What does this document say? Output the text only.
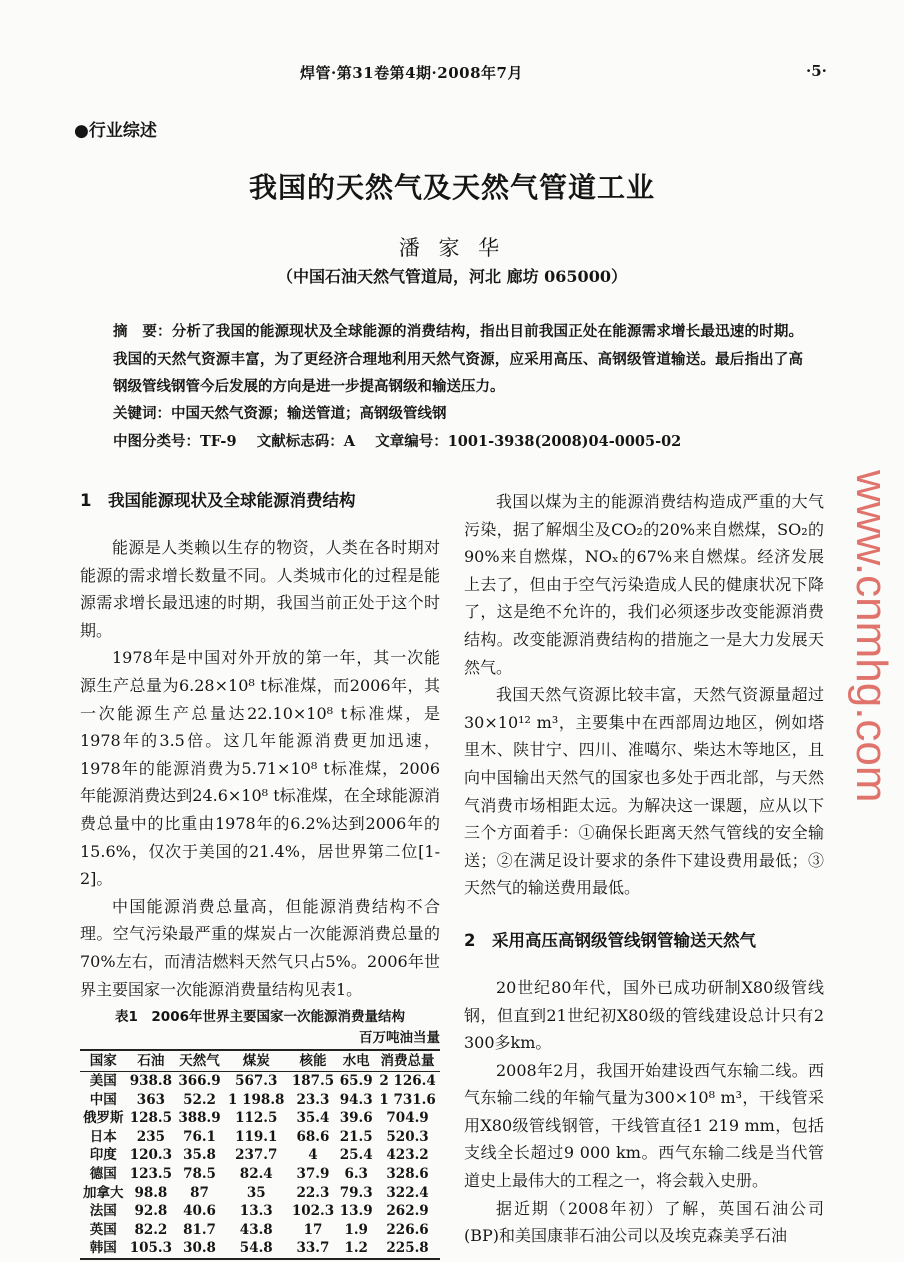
焊管·第31卷第4期·2008年7月	·5·
●行业综述
我国的天然气及天然气管道工业
潘 家 华
（中国石油天然气管道局，河北 廊坊 065000）
摘　要：分析了我国的能源现状及全球能源的消费结构，指出目前我国正处在能源需求增长最迅速的时期。我国的天然气资源丰富，为了更经济合理地利用天然气资源，应采用高压、高钢级管道输送。最后指出了高钢级管线钢管今后发展的方向是进一步提高钢级和输送压力。
关键词：中国天然气资源；输送管道；高钢级管线钢
中图分类号：TF-9 文献标志码：A 文章编号：1001-3938(2008)04-0005-02
1　我国能源现状及全球能源消费结构

能源是人类赖以生存的物资，人类在各时期对能源的需求增长数量不同。人类城市化的过程是能源需求增长最迅速的时期，我国当前正处于这个时期。

1978年是中国对外开放的第一年，其一次能源生产总量为6.28×10⁸ t标准煤，而2006年，其一次能源生产总量达22.10×10⁸ t标准煤，是1978年的3.5倍。这几年能源消费更加迅速，1978年的能源消费为5.71×10⁸ t标准煤，2006年能源消费达到24.6×10⁸ t标准煤，在全球能源消费总量中的比重由1978年的6.2%达到2006年的15.6%，仅次于美国的21.4%，居世界第二位[1-2]。

中国能源消费总量高，但能源消费结构不合理。空气污染最严重的煤炭占一次能源消费总量的70%左右，而清洁燃料天然气只占5%。2006年世界主要国家一次能源消费量结构见表1。

表1　2006年世界主要国家一次能源消费量结构
百万吨油当量
国家	石油	天然气	煤炭	核能	水电	消费总量
美国	938.8	366.9	567.3	187.5	65.9	2 126.4
中国	363	52.2	1 198.8	23.3	94.3	1 731.6
俄罗斯	128.5	388.9	112.5	35.4	39.6	704.9
日本	235	76.1	119.1	68.6	21.5	520.3
印度	120.3	35.8	237.7	4	25.4	423.2
德国	123.5	78.5	82.4	37.9	6.3	328.6
加拿大	98.8	87	35	22.3	79.3	322.4
法国	92.8	40.6	13.3	102.3	13.9	262.9
英国	82.2	81.7	43.8	17	1.9	226.6
韩国	105.3	30.8	54.8	33.7	1.2	225.8

我国以煤为主的能源消费结构造成严重的大气污染，据了解烟尘及CO₂的20%来自燃煤，SO₂的90%来自燃煤，NOₓ的67%来自燃煤。经济发展上去了，但由于空气污染造成人民的健康状况下降了，这是绝不允许的，我们必须逐步改变能源消费结构。改变能源消费结构的措施之一是大力发展天然气。

我国天然气资源比较丰富，天然气资源量超过30×10¹² m³，主要集中在西部周边地区，例如塔里木、陕甘宁、四川、准噶尔、柴达木等地区，且向中国输出天然气的国家也多处于西北部，与天然气消费市场相距太远。为解决这一课题，应从以下三个方面着手：①确保长距离天然气管线的安全输送；②在满足设计要求的条件下建设费用最低；③天然气的输送费用最低。

2　采用高压高钢级管线钢管输送天然气

20世纪80年代，国外已成功研制X80级管线钢，但直到21世纪初X80级的管线建设总计只有2 300多km。

2008年2月，我国开始建设西气东输二线。西气东输二线的年输气量为300×10⁸ m³，干线管采用X80级管线钢管，干线管直径1 219 mm，包括支线全长超过9 000 km。西气东输二线是当代管道史上最伟大的工程之一，将会载入史册。

据近期（2008年初）了解，英国石油公司(BP)和美国康菲石油公司以及埃克森美孚石油

www.cnmhg.com
